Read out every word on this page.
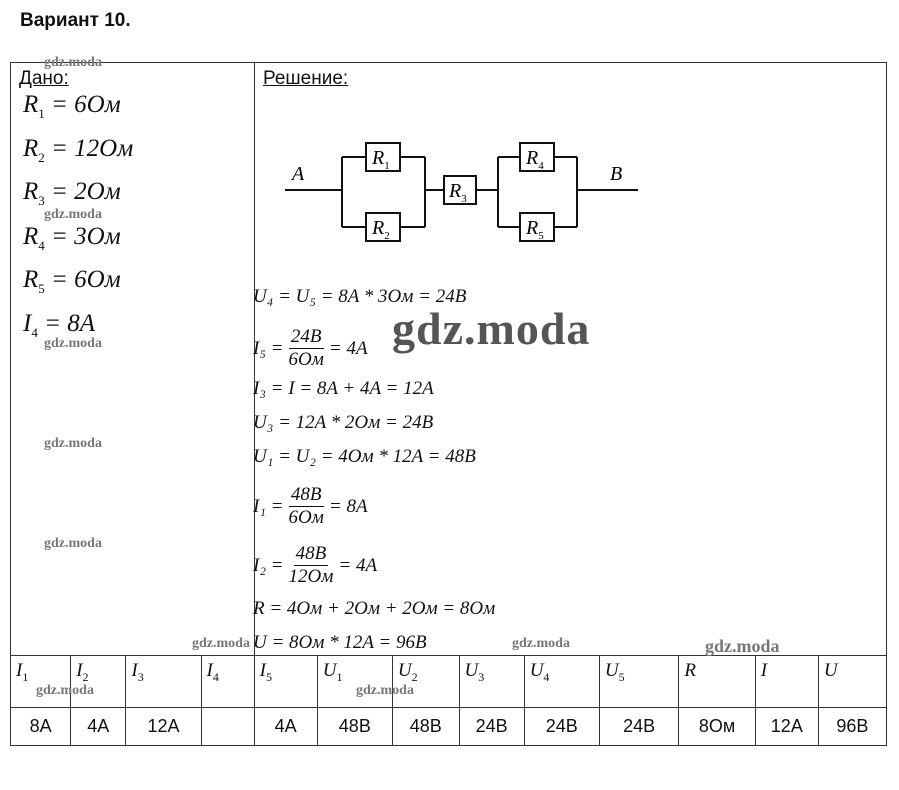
Вариант 10.
Дано:
$R_1 = 6Ом$
$R_2 = 12Ом$
$R_3 = 2Ом$
$R_4 = 3Ом$
$R_5 = 6Ом$
$I_4 = 8A$
Решение:
A	B
$R_1$
$R_2$
$R_3$
$R_4$
$R_5$
U₄ = U₅ = 8A * 3Ом = 24В
$I_5 = \frac{24В}{6Ом} = 4A$
I₃ = I = 8A + 4A = 12A
U₃ = 12A * 2Ом = 24В
U₁ = U₂ = 4Ом * 12A = 48В
$I_1 = \frac{48В}{6Ом} = 8A$
$I_2 = \frac{48В}{12Ом} = 4A$
R = 4Ом + 2Ом + 2Ом = 8Ом
U = 8Ом * 12A = 96В
$I_1$	$I_2$	$I_3$	$I_4$	$I_5$	$U_1$	$U_2$	$U_3$	$U_4$	$U_5$	R	I	U
8A	4A	12A		4A	48В	48В	24В	24В	24В	8Ом	12A	96В
gdz.moda
gdz.moda
gdz.moda
gdz.moda
gdz.moda
gdz.moda	gdz.moda	gdz.moda
gdz.moda	gdz.moda
gdz.moda
